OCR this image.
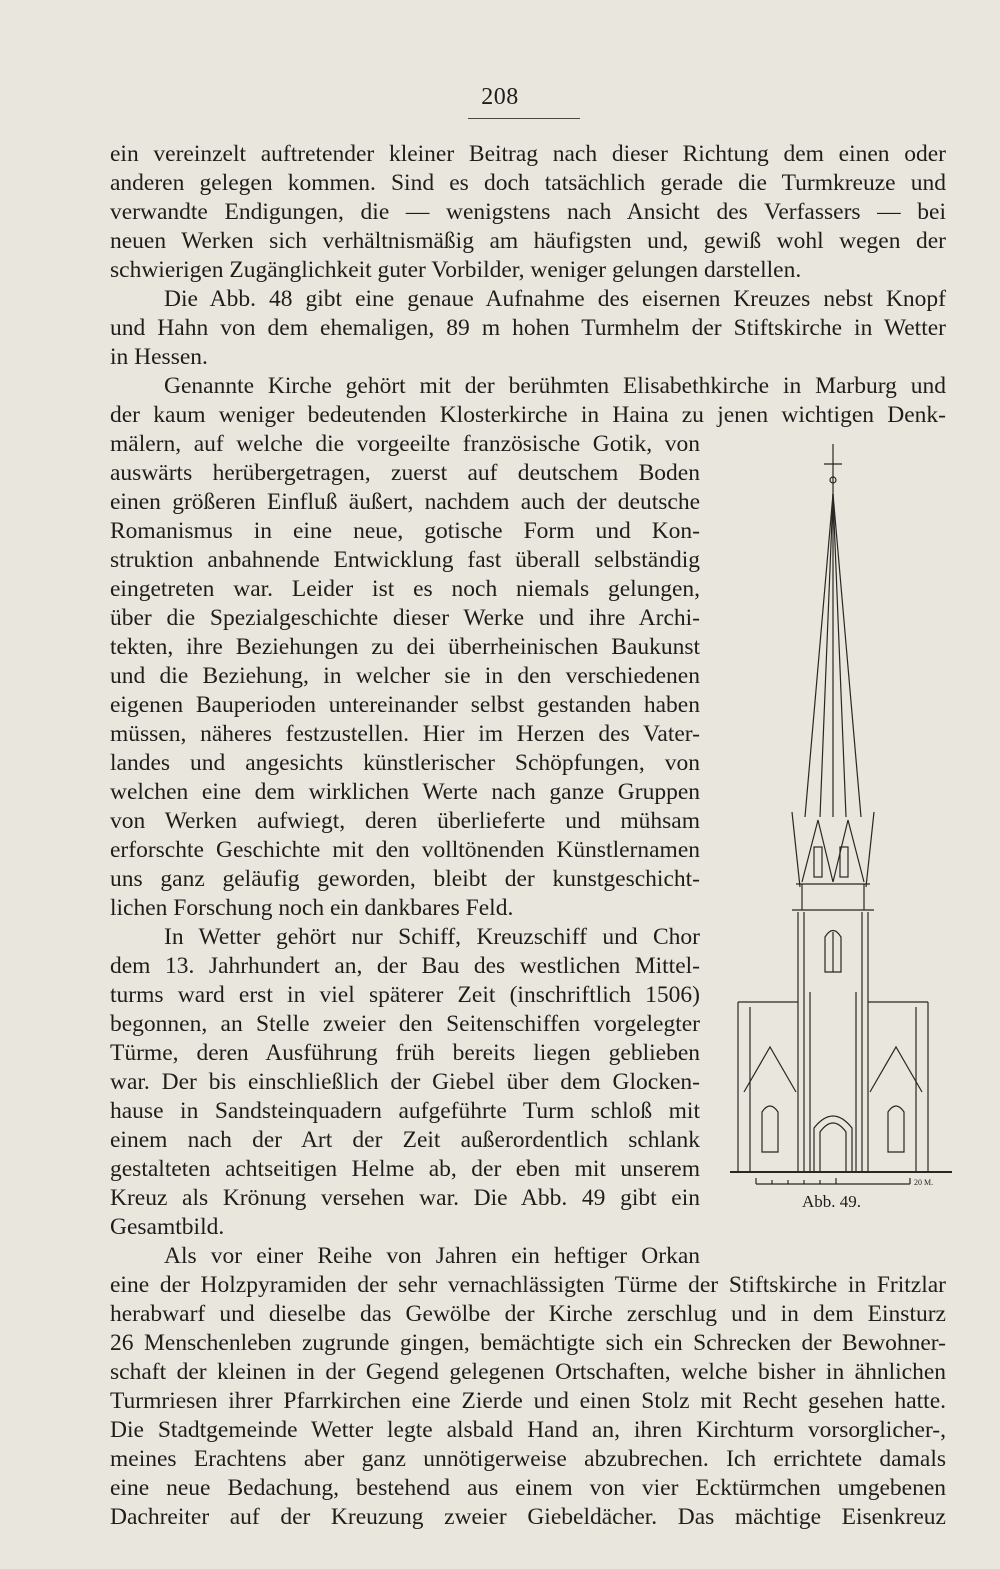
208
ein vereinzelt auftretender kleiner Beitrag nach dieser Richtung dem einen oder
anderen gelegen kommen. Sind es doch tatsächlich gerade die Turmkreuze und
verwandte Endigungen, die — wenigstens nach Ansicht des Verfassers — bei
neuen Werken sich verhältnismäßig am häufigsten und, gewiß wohl wegen der
schwierigen Zugänglichkeit guter Vorbilder, weniger gelungen darstellen.
Die Abb. 48 gibt eine genaue Aufnahme des eisernen Kreuzes nebst Knopf
und Hahn von dem ehemaligen, 89 m hohen Turmhelm der Stiftskirche in Wetter
in Hessen.
Genannte Kirche gehört mit der berühmten Elisabethkirche in Marburg und
der kaum weniger bedeutenden Klosterkirche in Haina zu jenen wichtigen Denk-
mälern, auf welche die vorgeeilte französische Gotik, von
auswärts herübergetragen, zuerst auf deutschem Boden
einen größeren Einfluß äußert, nachdem auch der deutsche
Romanismus in eine neue, gotische Form und Kon-
struktion anbahnende Entwicklung fast überall selbständig
eingetreten war. Leider ist es noch niemals gelungen,
über die Spezialgeschichte dieser Werke und ihre Archi-
tekten, ihre Beziehungen zu dei überrheinischen Baukunst
und die Beziehung, in welcher sie in den verschiedenen
eigenen Bauperioden untereinander selbst gestanden haben
müssen, näheres festzustellen. Hier im Herzen des Vater-
landes und angesichts künstlerischer Schöpfungen, von
welchen eine dem wirklichen Werte nach ganze Gruppen
von Werken aufwiegt, deren überlieferte und mühsam
erforschte Geschichte mit den volltönenden Künstlernamen
uns ganz geläufig geworden, bleibt der kunstgeschicht-
lichen Forschung noch ein dankbares Feld.
In Wetter gehört nur Schiff, Kreuzschiff und Chor
dem 13. Jahrhundert an, der Bau des westlichen Mittel-
turms ward erst in viel späterer Zeit (inschriftlich 1506)
begonnen, an Stelle zweier den Seitenschiffen vorgelegter
Türme, deren Ausführung früh bereits liegen geblieben
war. Der bis einschließlich der Giebel über dem Glocken-
hause in Sandsteinquadern aufgeführte Turm schloß mit
einem nach der Art der Zeit außerordentlich schlank
gestalteten achtseitigen Helme ab, der eben mit unserem
Kreuz als Krönung versehen war. Die Abb. 49 gibt ein
Gesamtbild.
Als vor einer Reihe von Jahren ein heftiger Orkan
eine der Holzpyramiden der sehr vernachlässigten Türme der Stiftskirche in Fritzlar
herabwarf und dieselbe das Gewölbe der Kirche zerschlug und in dem Einsturz
26 Menschenleben zugrunde gingen, bemächtigte sich ein Schrecken der Bewohner-
schaft der kleinen in der Gegend gelegenen Ortschaften, welche bisher in ähnlichen
Turmriesen ihrer Pfarrkirchen eine Zierde und einen Stolz mit Recht gesehen hatte.
Die Stadtgemeinde Wetter legte alsbald Hand an, ihren Kirchturm vorsorglicher-,
meines Erachtens aber ganz unnötigerweise abzubrechen. Ich errichtete damals
eine neue Bedachung, bestehend aus einem von vier Ecktürmchen umgebenen
Dachreiter auf der Kreuzung zweier Giebeldächer. Das mächtige Eisenkreuz
20 M.
Abb. 49.
